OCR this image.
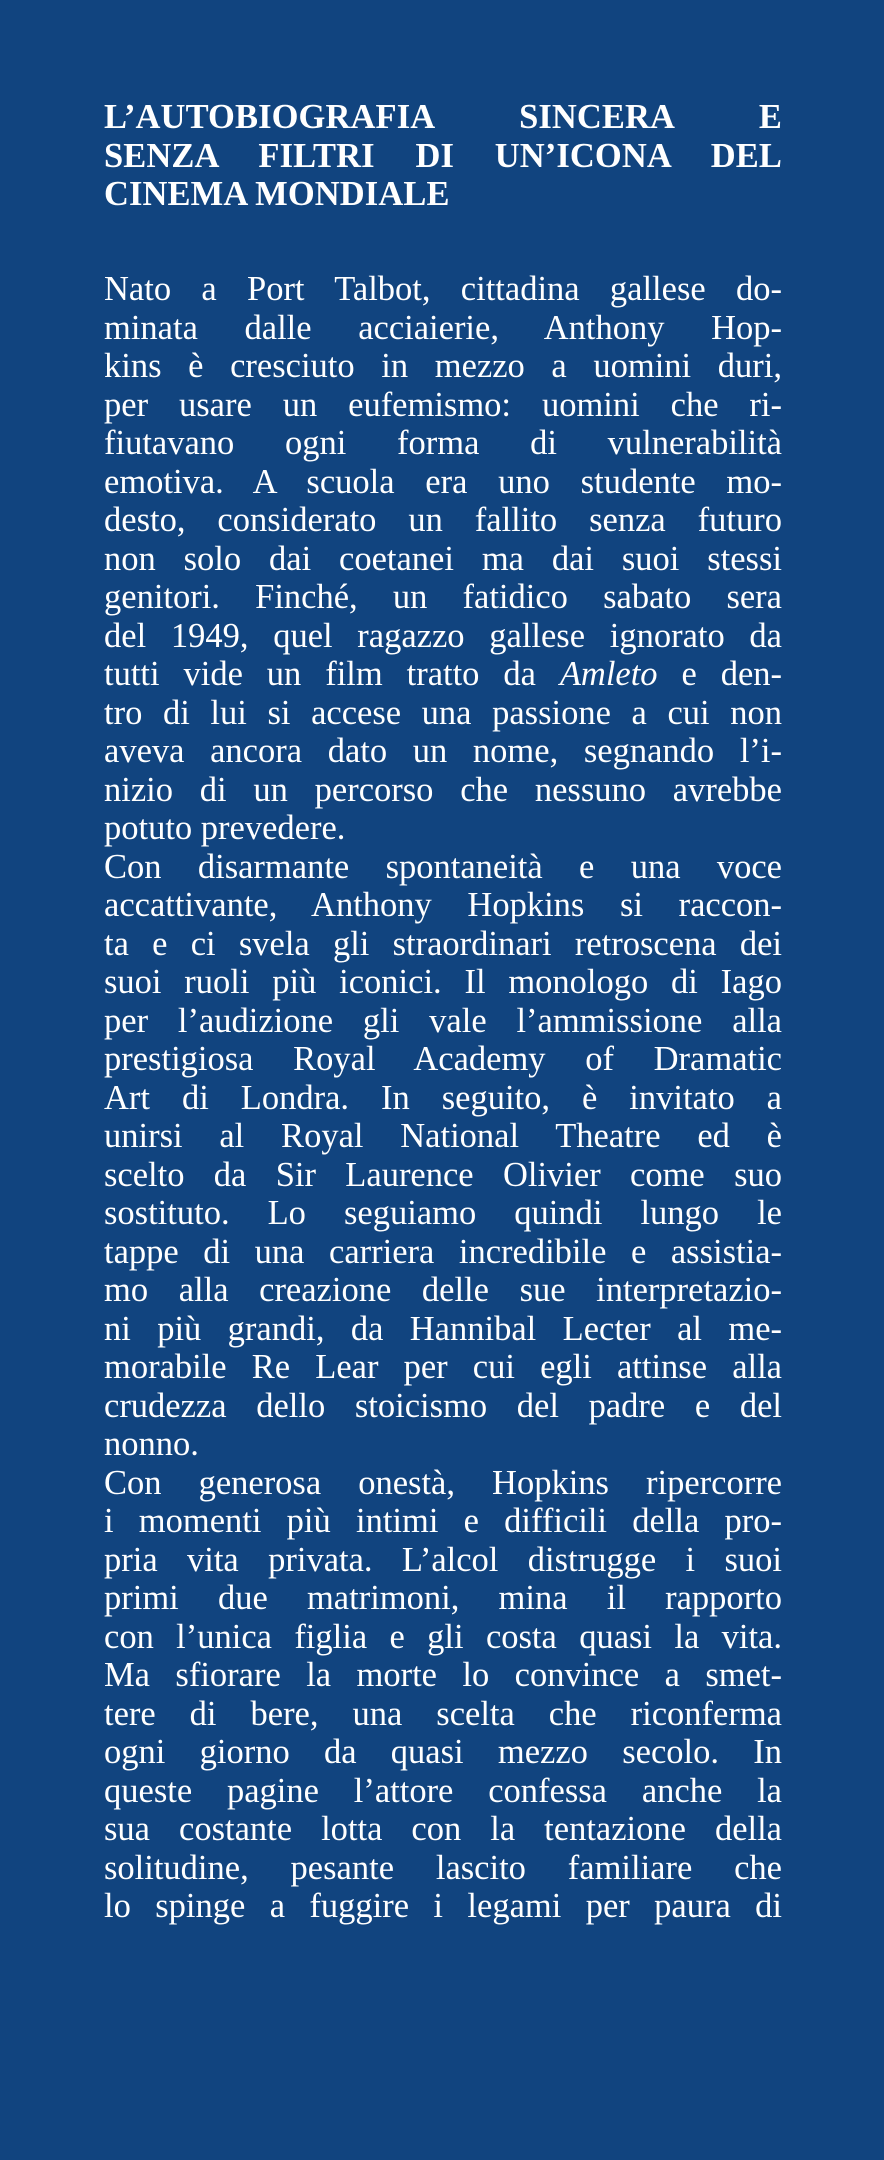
L’AUTOBIOGRAFIA SINCERA E
SENZA FILTRI DI UN’ICONA DEL
CINEMA MONDIALE
Nato a Port Talbot, cittadina gallese do-
minata dalle acciaierie, Anthony Hop-
kins è cresciuto in mezzo a uomini duri,
per usare un eufemismo: uomini che ri-
fiutavano ogni forma di vulnerabilità
emotiva. A scuola era uno studente mo-
desto, considerato un fallito senza futuro
non solo dai coetanei ma dai suoi stessi
genitori. Finché, un fatidico sabato sera
del 1949, quel ragazzo gallese ignorato da
tutti vide un film tratto da Amleto e den-
tro di lui si accese una passione a cui non
aveva ancora dato un nome, segnando l’i-
nizio di un percorso che nessuno avrebbe
potuto prevedere.
Con disarmante spontaneità e una voce
accattivante, Anthony Hopkins si raccon-
ta e ci svela gli straordinari retroscena dei
suoi ruoli più iconici. Il monologo di Iago
per l’audizione gli vale l’ammissione alla
prestigiosa Royal Academy of Dramatic
Art di Londra. In seguito, è invitato a
unirsi al Royal National Theatre ed è
scelto da Sir Laurence Olivier come suo
sostituto. Lo seguiamo quindi lungo le
tappe di una carriera incredibile e assistia-
mo alla creazione delle sue interpretazio-
ni più grandi, da Hannibal Lecter al me-
morabile Re Lear per cui egli attinse alla
crudezza dello stoicismo del padre e del
nonno.
Con generosa onestà, Hopkins ripercorre
i momenti più intimi e difficili della pro-
pria vita privata. L’alcol distrugge i suoi
primi due matrimoni, mina il rapporto
con l’unica figlia e gli costa quasi la vita.
Ma sfiorare la morte lo convince a smet-
tere di bere, una scelta che riconferma
ogni giorno da quasi mezzo secolo. In
queste pagine l’attore confessa anche la
sua costante lotta con la tentazione della
solitudine, pesante lascito familiare che
lo spinge a fuggire i legami per paura di
